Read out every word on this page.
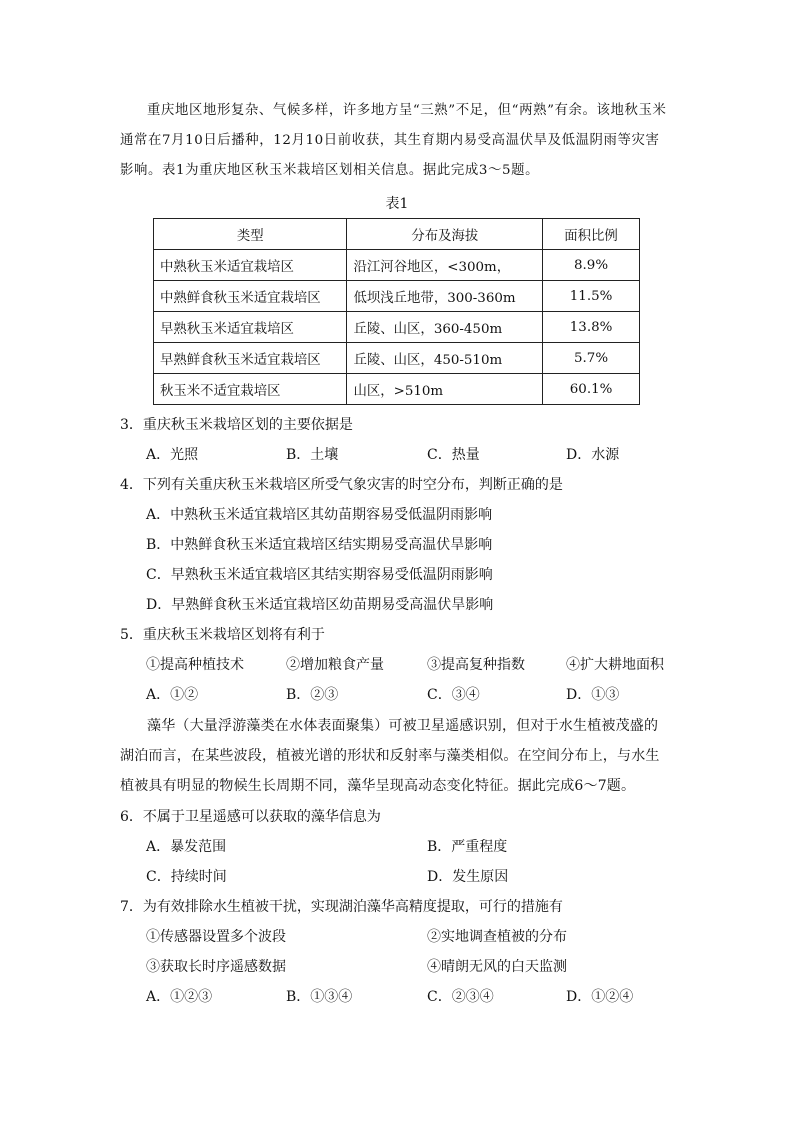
重庆地区地形复杂、气候多样，许多地方呈“三熟”不足，但“两熟”有余。该地秋玉米通常在7月10日后播种，12月10日前收获，其生育期内易受高温伏旱及低温阴雨等灾害影响。表1为重庆地区秋玉米栽培区划相关信息。据此完成3～5题。
表1
类型	分布及海拔	面积比例
中熟秋玉米适宜栽培区	沿江河谷地区，<300m，	8.9%
中熟鲜食秋玉米适宜栽培区	低坝浅丘地带，300-360m	11.5%
早熟秋玉米适宜栽培区	丘陵、山区，360-450m	13.8%
早熟鲜食秋玉米适宜栽培区	丘陵、山区，450-510m	5.7%
秋玉米不适宜栽培区	山区，>510m	60.1%
3．重庆秋玉米栽培区划的主要依据是
A．光照	B．土壤	C．热量	D．水源
4．下列有关重庆秋玉米栽培区所受气象灾害的时空分布，判断正确的是
A．中熟秋玉米适宜栽培区其幼苗期容易受低温阴雨影响
B．中熟鲜食秋玉米适宜栽培区结实期易受高温伏旱影响
C．早熟秋玉米适宜栽培区其结实期容易受低温阴雨影响
D．早熟鲜食秋玉米适宜栽培区幼苗期易受高温伏旱影响
5．重庆秋玉米栽培区划将有利于
①提高种植技术	②增加粮食产量	③提高复种指数	④扩大耕地面积
A．①②	B．②③	C．③④	D．①③
藻华（大量浮游藻类在水体表面聚集）可被卫星遥感识别，但对于水生植被茂盛的湖泊而言，在某些波段，植被光谱的形状和反射率与藻类相似。在空间分布上，与水生植被具有明显的物候生长周期不同，藻华呈现高动态变化特征。据此完成6～7题。
6．不属于卫星遥感可以获取的藻华信息为
A．暴发范围	B．严重程度
C．持续时间	D．发生原因
7．为有效排除水生植被干扰，实现湖泊藻华高精度提取，可行的措施有
①传感器设置多个波段	②实地调查植被的分布
③获取长时序遥感数据	④晴朗无风的白天监测
A．①②③	B．①③④	C．②③④	D．①②④
